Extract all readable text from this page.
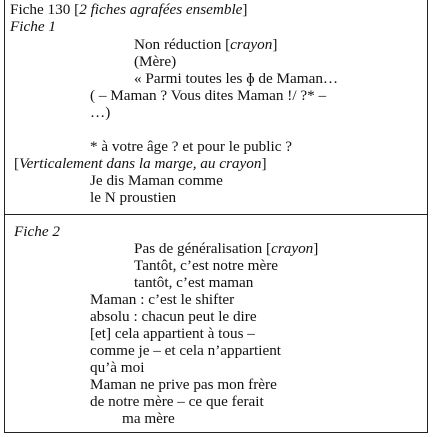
Fiche 130 [2 fiches agrafées ensemble]
Fiche 1
Non réduction [crayon]
(Mère)
« Parmi toutes les ɸ de Maman…
( – Maman ? Vous dites Maman !/ ?* –
…)
* à votre âge ? et pour le public ?
[Verticalement dans la marge, au crayon]
Je dis Maman comme
le N proustien
Fiche 2
Pas de généralisation [crayon]
Tantôt, c’est notre mère
tantôt, c’est maman
Maman : c’est le shifter
absolu : chacun peut le dire
[et] cela appartient à tous –
comme je – et cela n’appartient
qu’à moi
Maman ne prive pas mon frère
de notre mère – ce que ferait
ma mère
